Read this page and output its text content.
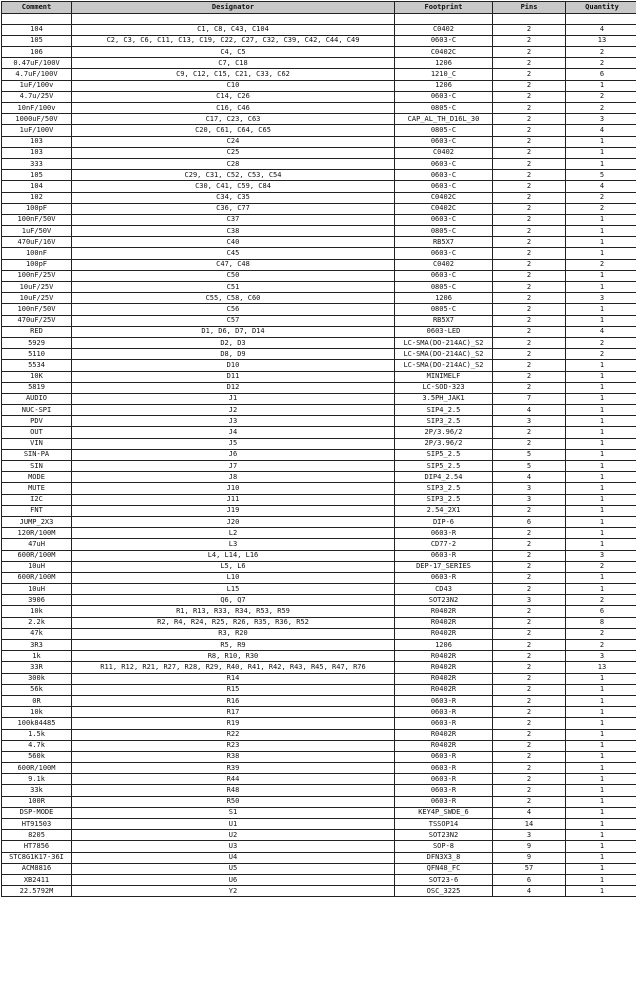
Comment	Designator	Footprint	Pins	Quantity

104	C1, C8, C43, C104	C0402	2	4
105	C2, C3, C6, C11, C13, C19, C22, C27, C32, C39, C42, C44, C49	0603-C	2	13
106	C4, C5	C0402C	2	2
0.47uF/100V	C7, C18	1206	2	2
4.7uF/100V	C9, C12, C15, C21, C33, C62	1210_C	2	6
1uF/100v	C10	1206	2	1
4.7u/25V	C14, C26	0603-C	2	2
10nF/100v	C16, C46	0805-C	2	2
1000uF/50V	C17, C23, C63	CAP_AL_TH_D16L_30	2	3
1uF/100V	C20, C61, C64, C65	0805-C	2	4
103	C24	0603-C	2	1
103	C25	C0402	2	1
333	C28	0603-C	2	1
105	C29, C31, C52, C53, C54	0603-C	2	5
104	C30, C41, C59, C84	0603-C	2	4
102	C34, C35	C0402C	2	2
100pF	C36, C77	C0402C	2	2
100nF/50V	C37	0603-C	2	1
1uF/50V	C38	0805-C	2	1
470uF/16V	C40	RB5X7	2	1
100nF	C45	0603-C	2	1
100pF	C47, C48	C0402	2	2
100nF/25V	C50	0603-C	2	1
10uF/25V	C51	0805-C	2	1
10uF/25V	C55, C58, C60	1206	2	3
100nF/50V	C56	0805-C	2	1
470uF/25V	C57	RB5X7	2	1
RED	D1, D6, D7, D14	0603-LED	2	4
5929	D2, D3	LC-SMA(DO-214AC)_S2	2	2
5110	D8, D9	LC-SMA(DO-214AC)_S2	2	2
5534	D10	LC-SMA(DO-214AC)_S2	2	1
10K	D11	MINIMELF	2	1
5819	D12	LC-SOD-323	2	1
AUDIO	J1	3.5PH_JAK1	7	1
NUC-SPI	J2	SIP4_2.5	4	1
PDV	J3	SIP3_2.5	3	1
OUT	J4	2P/3.96/2	2	1
VIN	J5	2P/3.96/2	2	1
SIN-PA	J6	SIP5_2.5	5	1
SIN	J7	SIP5_2.5	5	1
MODE	J8	DIP4_2.54	4	1
MUTE	J10	SIP3_2.5	3	1
I2C	J11	SIP3_2.5	3	1
FNT	J19	2.54_2X1	2	1
JUMP_2X3	J20	DIP-6	6	1
120R/100M	L2	0603-R	2	1
47uH	L3	CD77-2	2	1
600R/100M	L4, L14, L16	0603-R	2	3
10uH	L5, L6	DEP-17_SERIES	2	2
600R/100M	L10	0603-R	2	1
10uH	L15	CD43	2	1
3906	Q6, Q7	SOT23N2	3	2
10k	R1, R13, R33, R34, R53, R59	R0402R	2	6
2.2k	R2, R4, R24, R25, R26, R35, R36, R52	R0402R	2	8
47k	R3, R20	R0402R	2	2
3R3	R5, R9	1206	2	2
1k	R8, R10, R30	R0402R	2	3
33R	R11, R12, R21, R27, R28, R29, R40, R41, R42, R43, R45, R47, R76	R0402R	2	13
300k	R14	R0402R	2	1
56k	R15	R0402R	2	1
0R	R16	0603-R	2	1
10k	R17	0603-R	2	1
100k84485	R19	0603-R	2	1
1.5k	R22	R0402R	2	1
4.7k	R23	R0402R	2	1
560k	R38	0603-R	2	1
600R/100M	R39	0603-R	2	1
9.1k	R44	0603-R	2	1
33k	R48	0603-R	2	1
100R	R50	0603-R	2	1
DSP-MODE	S1	KEY4P_SWDE_6	4	1
HT91503	U1	TSSOP14	14	1
8205	U2	SOT23N2	3	1
HT7856	U3	SOP-8	9	1
STC8G1K17-36I	U4	DFN3X3_8	9	1
ACM8816	U5	QFN48_FC	57	1
XB2411	U6	SOT23-6	6	1
22.5792M	Y2	OSC_3225	4	1
